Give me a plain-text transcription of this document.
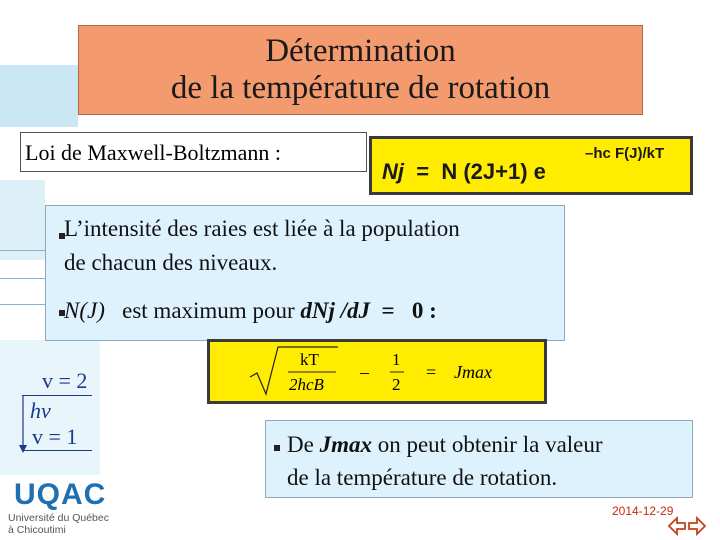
Détermination
de la température de rotation
Loi de Maxwell-Boltzmann :
Nj = N (2J+1) e
–hc F(J)/kT
L’intensité des raies est liée à la population
de chacun des niveaux.
N(J) est maximum pour dNj /dJ = 0 :
kT
2hcB
–
1
2
= Jmax
v = 2
hν
v = 1	De Jmax on peut obtenir la valeur
de la température de rotation.
UQAC
Université du Québec
à Chicoutimi
2014-12-29
